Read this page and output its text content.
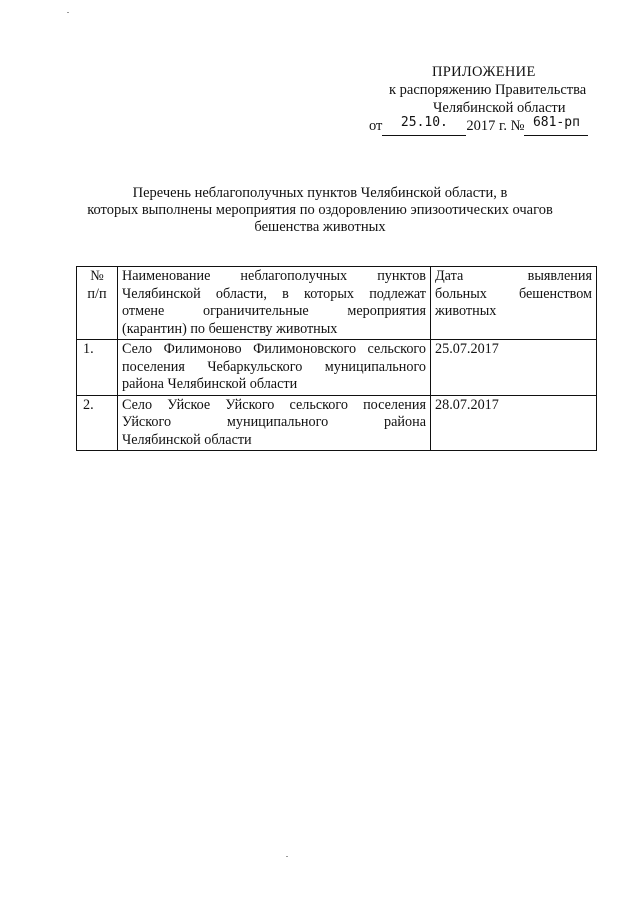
ПРИЛОЖЕНИЕ
к распоряжению Правительства
Челябинской области
от	25.10.	2017 г. № 681-рп

Перечень неблагополучных пунктов Челябинской области, в
которых выполнены мероприятия по оздоровлению эпизоотических очагов
бешенства животных
№
п/п	Наименование неблагополучных пунктов
Челябинской области, в которых подлежат
отмене ограничительные мероприятия
(карантин) по бешенству животных	Дата выявления
больных бешенством
животных

1.	Село Филимоново Филимоновского сельского
поселения Чебаркульского муниципального
района Челябинской области	25.07.2017

2.	Село Уйское Уйского сельского поселения
Уйского муниципального района
Челябинской области	28.07.2017
